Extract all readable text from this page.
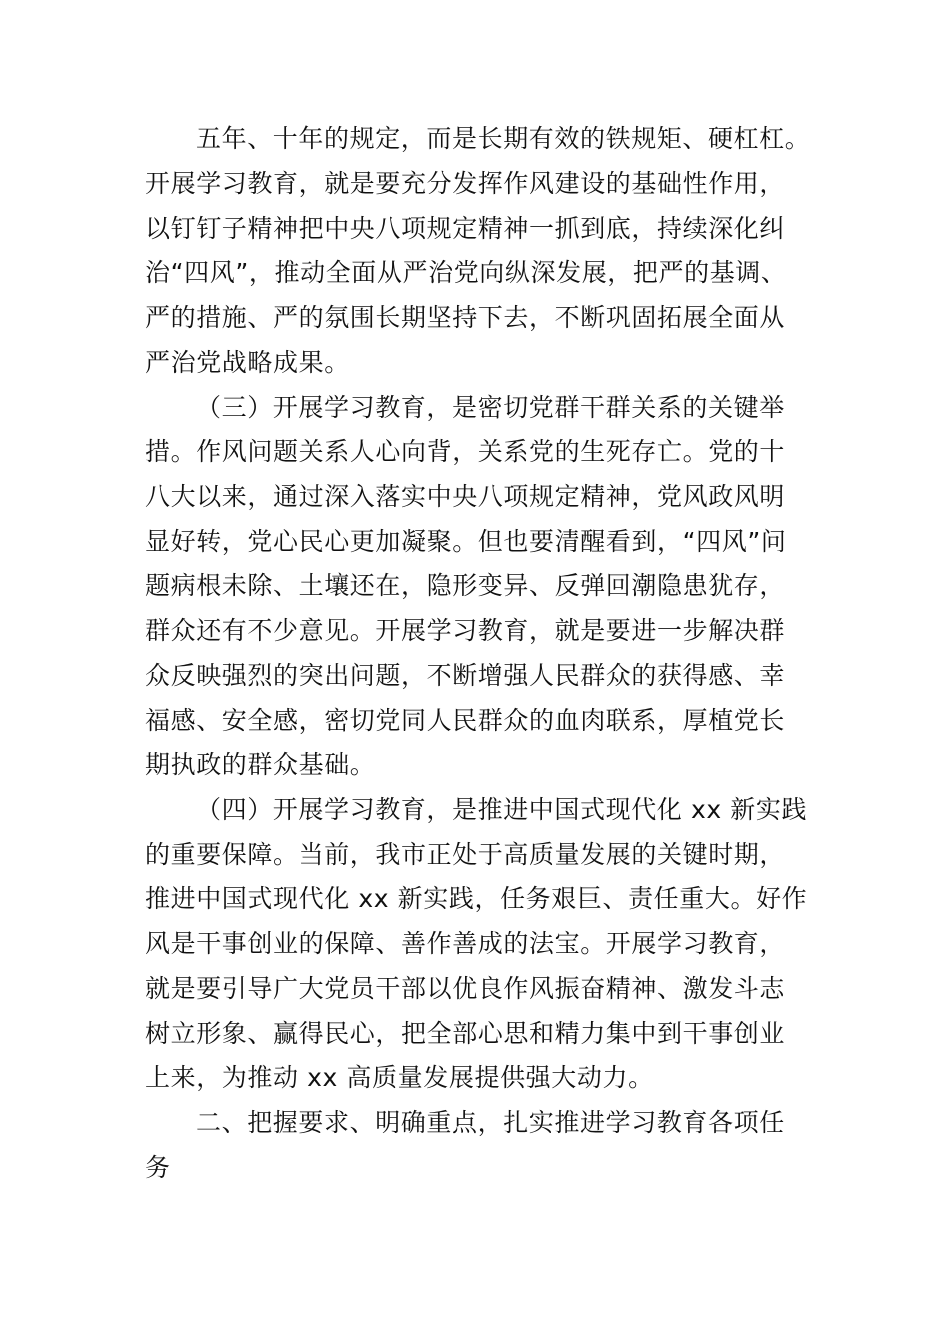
五年、十年的规定，而是长期有效的铁规矩、硬杠杠。
开展学习教育，就是要充分发挥作风建设的基础性作用，
以钉钉子精神把中央八项规定精神一抓到底，持续深化纠
治“四风”，推动全面从严治党向纵深发展，把严的基调、
严的措施、严的氛围长期坚持下去，不断巩固拓展全面从
严治党战略成果。
（三）开展学习教育，是密切党群干群关系的关键举
措。作风问题关系人心向背，关系党的生死存亡。党的十
八大以来，通过深入落实中央八项规定精神，党风政风明
显好转，党心民心更加凝聚。但也要清醒看到，“四风”问
题病根未除、土壤还在，隐形变异、反弹回潮隐患犹存，
群众还有不少意见。开展学习教育，就是要进一步解决群
众反映强烈的突出问题，不断增强人民群众的获得感、幸
福感、安全感，密切党同人民群众的血肉联系，厚植党长
期执政的群众基础。
（四）开展学习教育，是推进中国式现代化 xx 新实践
的重要保障。当前，我市正处于高质量发展的关键时期，
推进中国式现代化 xx 新实践，任务艰巨、责任重大。好作
风是干事创业的保障、善作善成的法宝。开展学习教育，
就是要引导广大党员干部以优良作风振奋精神、激发斗志
树立形象、赢得民心，把全部心思和精力集中到干事创业
上来，为推动 xx 高质量发展提供强大动力。
二、把握要求、明确重点，扎实推进学习教育各项任
务
